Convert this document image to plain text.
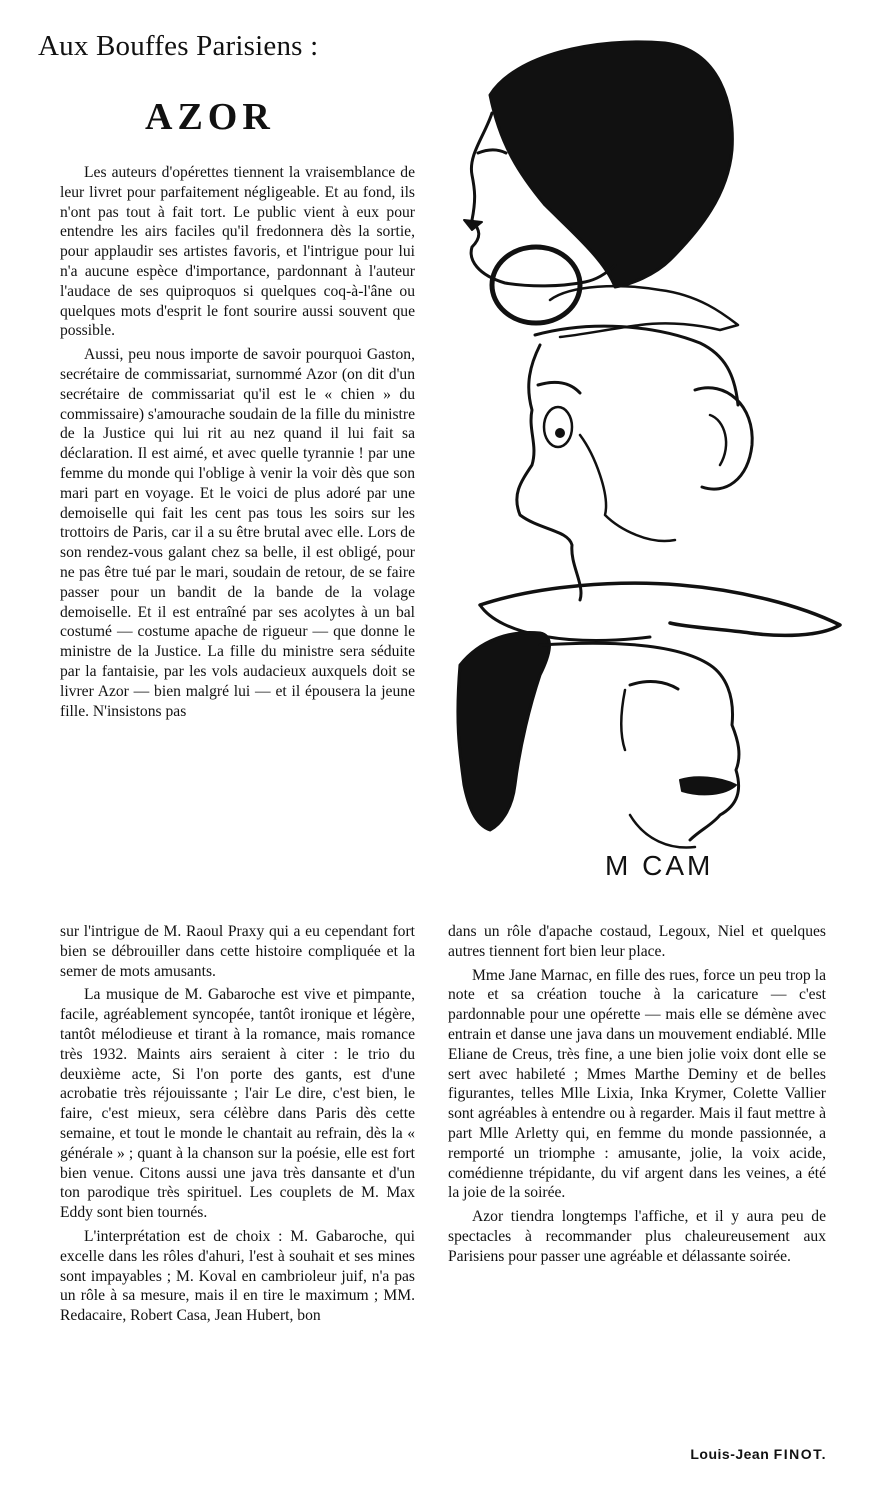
Aux Bouffes Parisiens :
AZOR

Les auteurs d'opérettes tiennent la vraisemblance de leur livret pour parfaitement négligeable. Et au fond, ils n'ont pas tout à fait tort. Le public vient à eux pour entendre les airs faciles qu'il fredonnera dès la sortie, pour applaudir ses artistes favoris, et l'intrigue pour lui n'a aucune espèce d'importance, pardonnant à l'auteur l'audace de ses quiproquos si quelques coq-à-l'âne ou quelques mots d'esprit le font sourire aussi souvent que possible.

Aussi, peu nous importe de savoir pourquoi Gaston, secrétaire de commissariat, surnommé Azor (on dit d'un secrétaire de commissariat qu'il est le « chien » du commissaire) s'amourache soudain de la fille du ministre de la Justice qui lui rit au nez quand il lui fait sa déclaration. Il est aimé, et avec quelle tyrannie ! par une femme du monde qui l'oblige à venir la voir dès que son mari part en voyage. Et le voici de plus adoré par une demoiselle qui fait les cent pas tous les soirs sur les trottoirs de Paris, car il a su être brutal avec elle. Lors de son rendez-vous galant chez sa belle, il est obligé, pour ne pas être tué par le mari, soudain de retour, de se faire passer pour un bandit de la bande de la volage demoiselle. Et il est entraîné par ses acolytes à un bal costumé — costume apache de rigueur — que donne le ministre de la Justice. La fille du ministre sera séduite par la fantaisie, par les vols audacieux auxquels doit se livrer Azor — bien malgré lui — et il épousera la jeune fille. N'insistons pas

sur l'intrigue de M. Raoul Praxy qui a eu cependant fort bien se débrouiller dans cette histoire compliquée et la semer de mots amusants.

La musique de M. Gabaroche est vive et pimpante, facile, agréablement syncopée, tantôt ironique et légère, tantôt mélodieuse et tirant à la romance, mais romance très 1932. Maints airs seraient à citer : le trio du deuxième acte, Si l'on porte des gants, est d'une acrobatie très réjouissante ; l'air Le dire, c'est bien, le faire, c'est mieux, sera célèbre dans Paris dès cette semaine, et tout le monde le chantait au refrain, dès la « générale » ; quant à la chanson sur la poésie, elle est fort bien venue. Citons aussi une java très dansante et d'un ton parodique très spirituel. Les couplets de M. Max Eddy sont bien tournés.

L'interprétation est de choix : M. Gabaroche, qui excelle dans les rôles d'ahuri, l'est à souhait et ses mines sont impayables ; M. Koval en cambrioleur juif, n'a pas un rôle à sa mesure, mais il en tire le maximum ; MM. Redacaire, Robert Casa, Jean Hubert, bon

dans un rôle d'apache costaud, Legoux, Niel et quelques autres tiennent fort bien leur place.

Mme Jane Marnac, en fille des rues, force un peu trop la note et sa création touche à la caricature — c'est pardonnable pour une opérette — mais elle se démène avec entrain et danse une java dans un mouvement endiablé. Mlle Eliane de Creus, très fine, a une bien jolie voix dont elle se sert avec habileté ; Mmes Marthe Deminy et de belles figurantes, telles Mlle Lixia, Inka Krymer, Colette Vallier sont agréables à entendre ou à regarder. Mais il faut mettre à part Mlle Arletty qui, en femme du monde passionnée, a remporté un triomphe : amusante, jolie, la voix acide, comédienne trépidante, du vif argent dans les veines, a été la joie de la soirée.

Azor tiendra longtemps l'affiche, et il y aura peu de spectacles à recommander plus chaleureusement aux Parisiens pour passer une agréable et délassante soirée.

Louis-Jean FINOT.
M CAM
